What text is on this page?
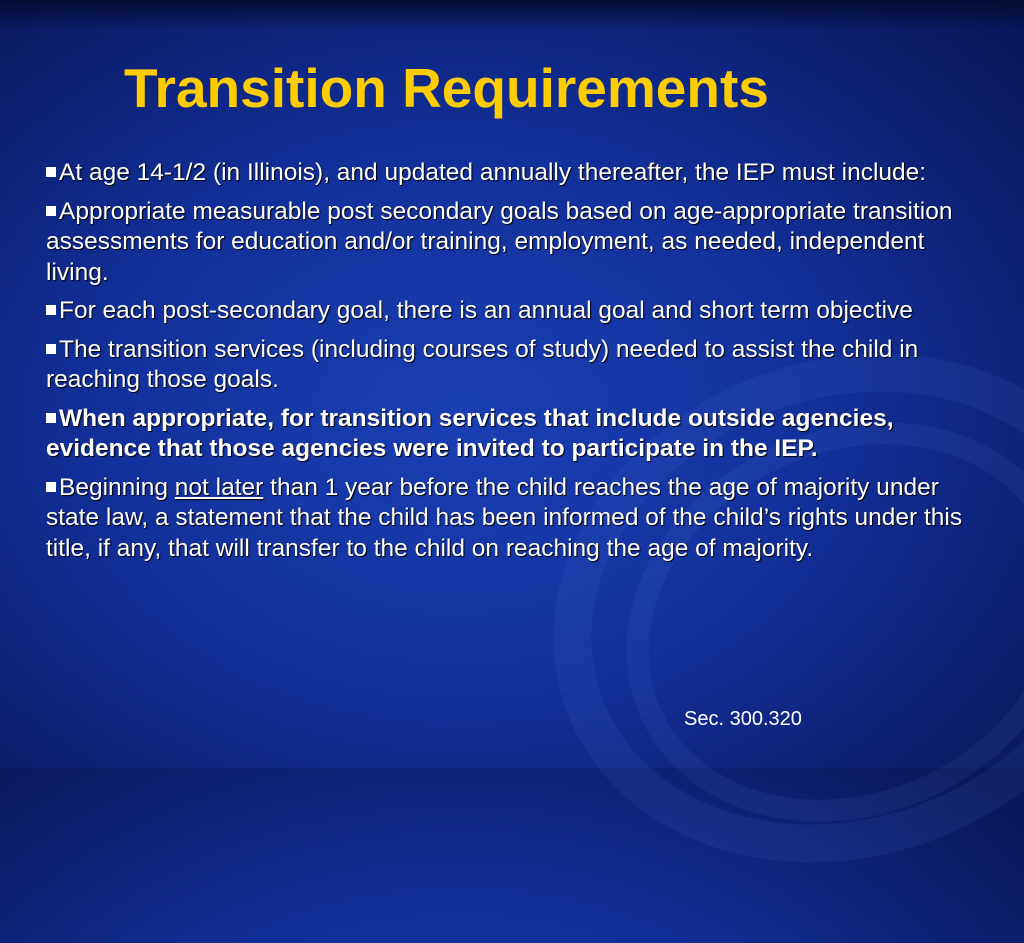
Transition Requirements

At age 14-1/2 (in Illinois), and updated annually thereafter, the IEP must include:

Appropriate measurable post secondary goals based on age-appropriate transition assessments for education and/or training, employment, as needed, independent living.

For each post-secondary goal, there is an annual goal and short term objective

The transition services (including courses of study) needed to assist the child in reaching those goals.

When appropriate, for transition services that include outside agencies, evidence that those agencies were invited to participate in the IEP.

Beginning not later than 1 year before the child reaches the age of majority under state law, a statement that the child has been informed of the child’s rights under this title, if any, that will transfer to the child on reaching the age of majority.

Sec. 300.320
